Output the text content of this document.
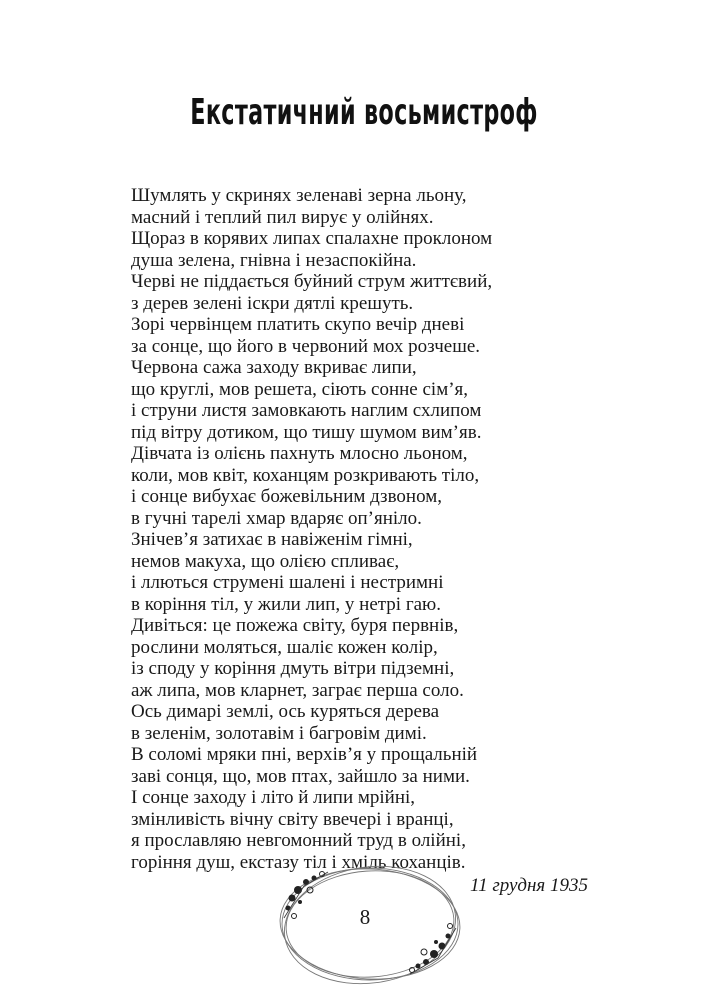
Екстатичний восьмистроф
Шумлять у скринях зеленаві зерна льону,
масний і теплий пил вирує у олійнях.
Щораз в корявих липах спалахне проклоном
душа зелена, гнівна і незаспокійна.
Черві не піддається буйний струм життєвий,
з дерев зелені іскри дятлі крешуть.
Зорі червінцем платить скупо вечір дневі
за сонце, що його в червоний мох розчеше.
Червона сажа заходу вкриває липи,
що круглі, мов решета, сіють сонне сім’я,
і струни листя замовкають наглим схлипом
під вітру дотиком, що тишу шумом вим’яв.
Дівчата із олієнь пахнуть млосно льоном,
коли, мов квіт, коханцям розкривають тіло,
і сонце вибухає божевільним дзвоном,
в гучні тарелі хмар вдаряє оп’яніло.
Знічев’я затихає в навіженім гімні,
немов макуха, що олією спливає,
і ллються струмені шалені і нестримні
в коріння тіл, у жили лип, у нетрі гаю.
Дивіться: це пожежа світу, буря первнів,
рослини моляться, шаліє кожен колір,
із споду у коріння дмуть вітри підземні,
аж липа, мов кларнет, заграє перша соло.
Ось димарі землі, ось куряться дерева
в зеленім, золотавім і багровім димі.
В соломі мряки пні, верхів’я у прощальній
заві сонця, що, мов птах, зайшло за ними.
І сонце заходу і літо й липи мрійні,
змінливість вічну світу ввечері і вранці,
я прославляю невгомонний труд в олійні,
горіння душ, екстазу тіл і хміль коханців.
8
11 грудня 1935
